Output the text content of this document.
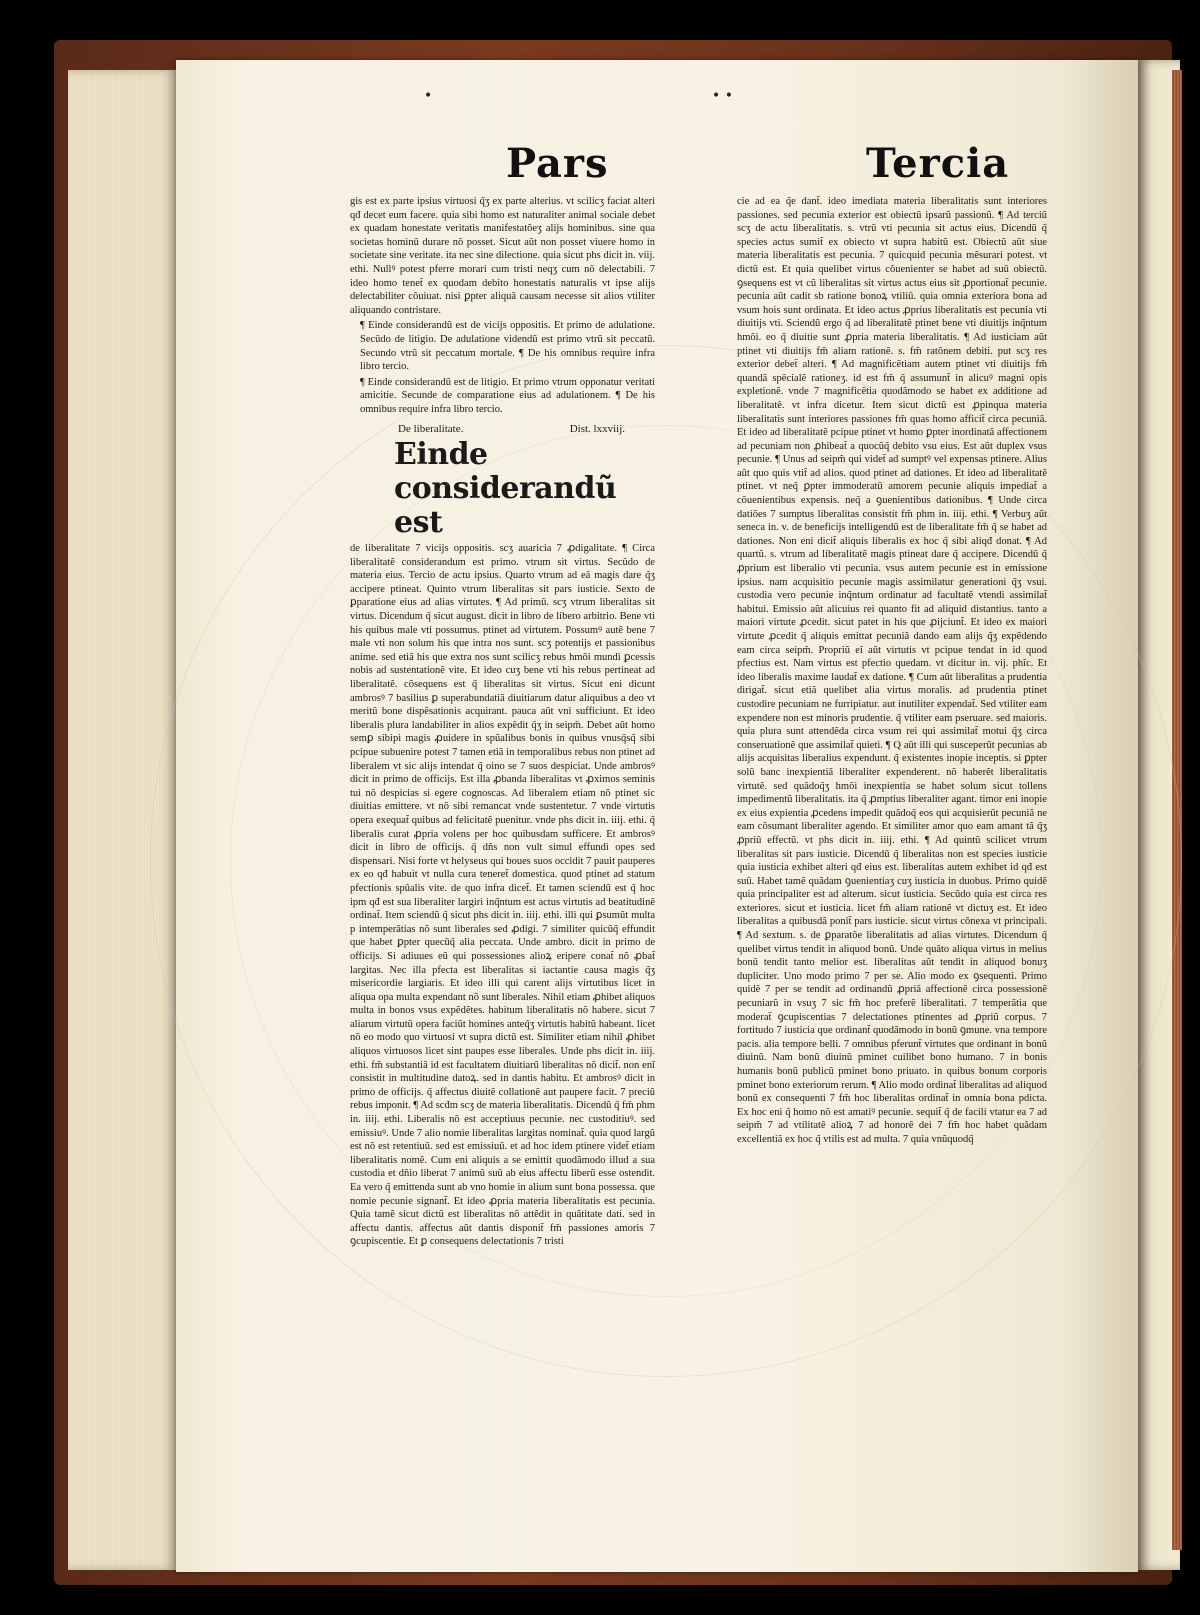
•	• •
Pars	Tercia

gis est ex parte ipsius virtuosi q̃ʒ ex parte alterius. vt scilicʒ faciat alteri qđ decet eum facere. quia sibi homo est naturaliter animal sociale debet ex quadam honestate veritatis manifestatõeʒ alijs hominibus. sine qua societas hominũ durare nõ posset. Sicut aũt non posset viuere homo in societate sine veritate. ita nec sine dilectione. quia sicut phs dicit in. viij. ethi. Nullꝰ potest pferre morari cum tristi neqʒ cum nõ delectabili. 7 ideo homo tenet̃ ex quodam debito honestatis naturalis vt ipse alijs delectabiliter cõuiuat. nisi ꝑpter aliquã causam necesse sit alios vtiliter aliquando contristare.

¶ Einde considerandũ est de vicijs oppositis. Et primo de adulatione. Secũdo de litigio. De adulatione videndũ est primo vtrũ sit peccatũ. Secundo vtrũ sit peccatum mortale. ¶ De his omnibus require infra libro tercio.

¶ Einde considerandũ est de litigio. Et primo vtrum opponatur veritati amicitie. Secunde de comparatione eius ad adulationem. ¶ De his omnibus require infra libro tercio.

De liberalitate.	Dist. lxxviij.
Einde considerandũ est

de liberalitate 7 vicijs oppositis. scʒ auaricia 7 ꝓdigalitate. ¶ Circa liberalitatẽ considerandum est primo. vtrum sit virtus. Secũdo de materia eius. Tercio de actu ipsius. Quarto vtrum ad eã magis dare q̃ʒ accipere ptineat. Quinto vtrum liberalitas sit pars iusticie. Sexto de ꝑparatione eius ad alias virtutes. ¶ Ad primũ. scʒ vtrum liberalitas sit virtus. Dicendum q̃ sicut august. dicit in libro de libero arbitrio. Bene vti his quibus male vti possumus. ptinet ad virtutem. Possumꝰ autẽ bene 7 male vti non solum his que intra nos sunt. scʒ potentijs et passionibus anime. sed etiã his que extra nos sunt scilicʒ rebus hmõi mundi ꝑcessis nobis ad sustentationẽ vite. Et ideo cuʒ bene vti his rebus pertineat ad liberalitatẽ. cõsequens est q̃ liberalitas sit virtus. Sicut eni dicunt ambrosꝰ 7 basilius ꝑ superabundatiã diuitiarum datur aliquibus a deo vt meritũ bone dispẽsationis acquirant. pauca aũt vni sufficiunt. Et ideo liberalis plura landabiliter in alios expẽdit q̃ʒ in seipm̃. Debet aũt homo semꝑ sibipi magis ꝓuidere in spũalibus bonis in quibus vnusq̃sq̃ sibi pcipue subuenire potest 7 tamen etiã in temporalibus rebus non ptinet ad liberalem vt sic alijs intendat q̃ oino se 7 suos despiciat. Unde ambrosꝰ dicit in primo de officijs. Est illa ꝓbanda liberalitas vt ꝓximos seminis tui nõ despicias si egere cognoscas. Ad liberalem etiam nõ ptinet sic diuitias emittere. vt nõ sibi remancat vnde sustentetur. 7 vnde virtutis opera exequat̃ quibus ad felicitatẽ puenitur. vnde phs dicit in. iiij. ethi. q̃ liberalis curat ꝓpria volens per hoc quibusdam sufficere. Et ambrosꝰ dicit in libro de officijs. q̃ dñs non vult simul effundi opes sed dispensari. Nisi forte vt helyseus qui boues suos occidit 7 pauit pauperes ex eo qđ habuit vt nulla cura teneret̃ domestica. quod ptinet ad statum pfectionis spũalis vite. de quo infra dicet̃. Et tamen sciendũ est q̃ hoc ipm qđ est sua liberaliter largiri inq̃ntum est actus virtutis ad beatitudinẽ ordinat̃. Item sciendũ q̃ sicut phs dicit in. iiij. ethi. illi qui ꝑsumũt multa p intemperãtias nõ sunt liberales sed ꝓdigi. 7 similiter quicũq̃ effundit que habet ꝑpter quecũq̃ alia peccata. Unde ambro. dicit in primo de officijs. Si adiuues eũ qui possessiones alioꝝ eripere conat̃ nõ ꝓbat̃ largitas. Nec illa pfecta est liberalitas si iactantie causa magis q̃ʒ misericordie largiaris. Et ideo illi qui carent alijs virtutibus licet in aliqua opa multa expendant nõ sunt liberales. Nihil etiam ꝓhibet aliquos multa in bonos vsus expẽdẽtes. habitum liberalitatis nõ habere. sicut 7 aliarum virtutũ opera faciũt homines anteq̃ʒ virtutis habitũ habeant. licet nõ eo modo quo virtuosi vt supra dictũ est. Similiter etiam nihil ꝓhibet aliquos virtuosos licet sint paupes esse liberales. Unde phs dicit in. iiij. ethi. fm̃ substantiã id est facultatem diuitiarũ liberalitas nõ dicit̃. non enĩ consistit in multitudine datoꝝ. sed in dantis habitu. Et ambrosꝰ dicit in primo de officijs. q̃ affectus diuitẽ collationẽ aut paupere facit. 7 preciũ rebus imponit. ¶ Ad scđm scʒ de materia liberalitatis. Dicendũ q̃ fm̃ phm in. iiij. ethi. Liberalis nõ est acceptiuus pecunie. nec custoditiuꝰ. sed emissiuꝰ. Unde 7 alio nomie liberalitas largitas nominat̃. quia quod largũ est nõ est retentiuũ. sed est emissiuũ. et ad hoc idem ptinere videt̃ etiam liberalitatis nomẽ. Cum eni aliquis a se emittit quodãmodo illud a sua custodia et dñio liberat 7 animũ suũ ab eius affectu liberũ esse ostendit. Ea vero q̃ emittenda sunt ab vno homie in alium sunt bona possessa. que nomie pecunie signant̃. Et ideo ꝓpria materia liberalitatis est pecunia. Quia tamẽ sicut dictũ est liberalitas nõ attẽdit in quãtitate dati. sed in affectu dantis. affectus aũt dantis disponit̃ fm̃ passiones amoris 7 ꝯcupiscentie. Et ꝑ consequens delectationis 7 tristi

cie ad ea q̃e dant̃. ideo imediata materia liberalitatis sunt interiores passiones. sed pecunia exterior est obiectũ ipsarũ passionũ. ¶ Ad terciũ scʒ de actu liberalitatis. s. vtrũ vti pecunia sit actus eius. Dicendũ q̃ species actus sumit̃ ex obiecto vt supra habitũ est. Obiectũ aũt siue materia liberalitatis est pecunia. 7 quicquid pecunia mẽsurari potest. vt dictũ est. Et quia quelibet virtus cõuenienter se habet ad suũ obiectũ. ꝯsequens est vt cũ liberalitas sit virtus actus eius sit ꝓportionat̃ pecunie. pecunia aũt cadit sb ratione bonoꝝ vtiliũ. quia omnia exteriora bona ad vsum hois sunt ordinata. Et ideo actus ꝓprius liberalitatis est pecunia vti diuitijs vti. Sciendũ ergo q̃ ad liberalitatẽ ptinet bene vti diuitijs inq̃ntum hmõi. eo q̃ diuitie sunt ꝓpria materia liberalitatis. ¶ Ad iusticiam aũt ptinet vti diuitijs fm̃ aliam rationẽ. s. fm̃ ratõnem debiti. put scʒ res exterior debet̃ alteri. ¶ Ad magnificẽtiam autem ptinet vti diuitijs fm̃ quandã spẽcialẽ rationeʒ. id est fm̃ q̃ assumunt̃ in alicuꝰ magni opis expletionẽ. vnde 7 magnificẽtia quodãmodo se habet ex additione ad liberalitatẽ. vt infra dicetur. Item sicut dictũ est ꝓpinqua materia liberalitatis sunt interiores passiones fm̃ quas homo afficit̃ circa pecuniã. Et ideo ad liberalitatẽ pcipue ptinet vt homo ꝑpter inordinatã affectionem ad pecuniam non ꝓhibeat̃ a quocũq̃ debito vsu eius. Est aũt duplex vsus pecunie. ¶ Unus ad seipm̃ qui videt̃ ad sumptꝰ vel expensas ptinere. Alius aũt quo quis vtit̃ ad alios. quod ptinet ad dationes. Et ideo ad liberalitatẽ ptinet. vt neq̃ ꝑpter immoderatũ amorem pecunie aliquis impediat̃ a cõuenientibus expensis. neq̃ a ꝯuenientibus dationibus. ¶ Unde circa datiões 7 sumptus liberalitas consistit fm̃ phm in. iiij. ethi. ¶ Verbuʒ aũt seneca in. v. de beneficijs intelligendũ est de liberalitate fm̃ q̃ se habet ad dationes. Non eni dicit̃ aliquis liberalis ex hoc q̃ sibi aliqđ donat. ¶ Ad quartũ. s. vtrum ad liberalitatẽ magis ptineat dare q̃ accipere. Dicendũ q̃ ꝓprium est liberalio vti pecunia. vsus autem pecunie est in emissione ipsius. nam acquisitio pecunie magis assimilatur generationi q̃ʒ vsui. custodia vero pecunie inq̃ntum ordinatur ad facultatẽ vtendi assimilat̃ habitui. Emissio aũt alicuius rei quanto fit ad aliquid distantius. tanto a maiori virtute ꝓcedit. sicut patet in his que ꝓijciunt̃. Et ideo ex maiori virtute ꝓcedit q̃ aliquis emittat pecuniã dando eam alijs q̃ʒ expẽdendo eam circa seipm̃. Propriũ eĩ aũt virtutis vt pcipue tendat in id quod pfectius est. Nam virtus est pfectio quedam. vt dicitur in. vij. phĩc. Et ideo liberalis maxime laudat̃ ex datione. ¶ Cum aũt liberalitas a prudentia dirigat̃. sicut etiã quelibet alia virtus moralis. ad prudentia ptinet custodire pecuniam ne furripiatur. aut inutiliter expendat̃. Sed vtiliter eam expendere non est minoris prudentie. q̃ vtiliter eam pseruare. sed maioris. quia plura sunt attendẽda circa vsum rei qui assimilat̃ motui q̃ʒ circa conseruationẽ que assimilat̃ quieti. ¶ Q aũt illi qui susceperũt pecunias ab alijs acquisitas liberalius expendunt. q̃ existentes inopie inceptis. si ꝑpter solũ banc inexpientiã liberaliter expenderent. nõ haberẽt liberalitatis virtutẽ. sed quãdoq̃ʒ hmõi inexpientia se habet solum sicut tollens impedimentũ liberalitatis. ita q̃ ꝓmptius liberaliter agant. timor eni inopie ex eius expientia ꝓcedens impedit quãdoq̃ eos qui acquisierũt pecuniã ne eam cõsumant liberaliter agendo. Et similiter amor quo eam amant tã q̃ʒ ꝓpriũ effectũ. vt phs dicit in. iiij. ethi. ¶ Ad quintũ scilicet vtrum liberalitas sit pars iusticie. Dicendũ q̃ liberalitas non est species iusticie quia iusticia exhibet alteri qđ eius est. liberalitas autem exhibet id qđ est suũ. Habet tamẽ quãdam ꝯuenientiaʒ cuʒ iusticia in duobus. Primo quidẽ quia principaliter est ad alterum. sicut iusticia. Secũdo quia est circa res exteriores. sicut et iusticia. licet fm̃ aliam rationẽ vt dictuʒ est. Et ideo liberalitas a quibusdã ponit̃ pars iusticie. sicut virtus cõnexa vt principali. ¶ Ad sextum. s. de ꝑparatõe liberalitatis ad alias virtutes. Dicendum q̃ quelibet virtus tendit in aliquod bonũ. Unde quãto aliqua virtus in melius bonũ tendit tanto melior est. liberalitas aũt tendit in aliquod bonuʒ dupliciter. Uno modo primo 7 per se. Alio modo ex ꝯsequenti. Primo quidẽ 7 per se tendit ad ordinandũ ꝓpriã affectionẽ circa possessionẽ pecuniarũ in vsuʒ 7 sic fm̃ hoc preferẽ liberalitati. 7 temperãtia que moderat̃ ꝯcupiscentias 7 delectationes ptinentes ad ꝓpriũ corpus. 7 fortitudo 7 iusticia que ordinant̃ quodãmodo in bonũ ꝯmune. vna tempore pacis. alia tempore belli. 7 omnibus pferunt̃ virtutes que ordinant in bonũ diuinũ. Nam bonũ diuinũ pminet cuilibet bono humano. 7 in bonis humanis bonũ publicũ pminet bono priuato. in quibus bonum corporis pminet bono exteriorum rerum. ¶ Alio modo ordinat̃ liberalitas ad aliquod bonũ ex consequenti 7 fm̃ hoc liberalitas ordinat̃ in omnia bona pdicta. Ex hoc eni q̃ homo nõ est amatiꝰ pecunie. sequit̃ q̃ de facili vtatur ea 7 ad seipm̃ 7 ad vtilitatẽ alioꝝ 7 ad honorẽ dei 7 fm̃ hoc habet quãdam excellentiã ex hoc q̃ vtilis est ad multa. 7 quia vnũquodq̃
